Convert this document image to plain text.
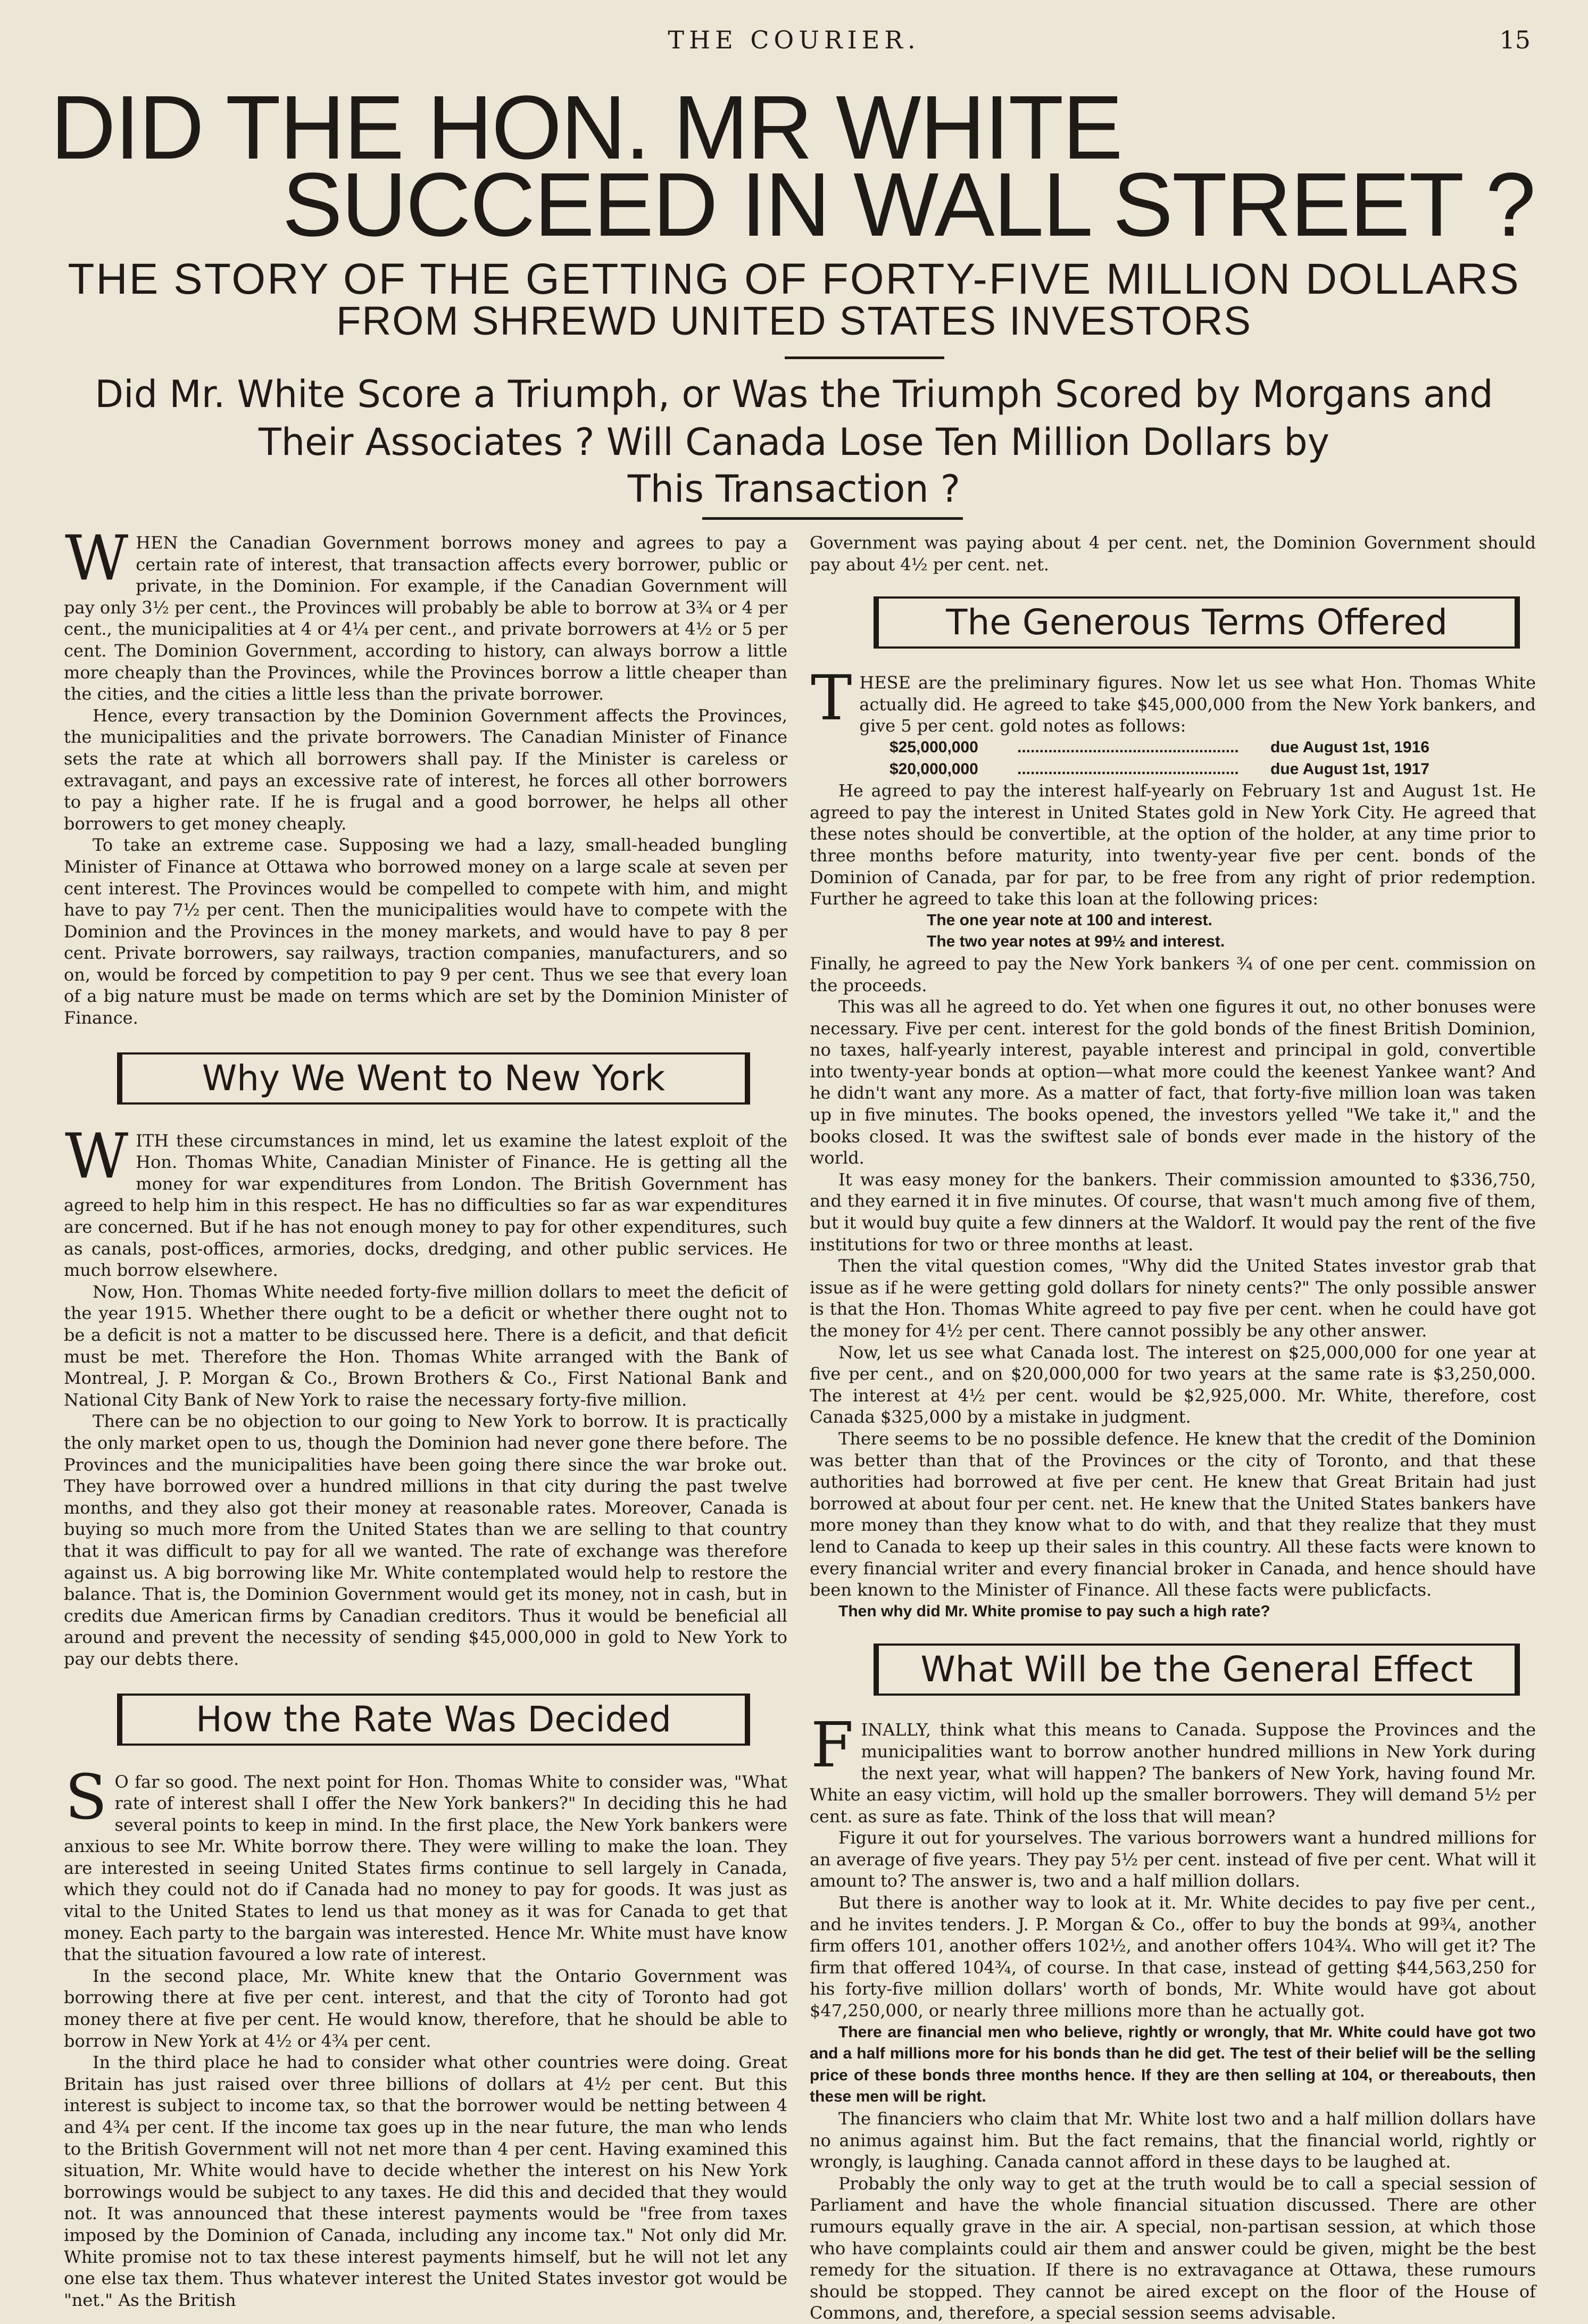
THE COURIER.	15
DID THE HON. MR WHITE
SUCCEED IN WALL STREET ?
THE STORY OF THE GETTING OF FORTY-FIVE MILLION DOLLARS
FROM SHREWD UNITED STATES INVESTORS
Did Mr. White Score a Triumph, or Was the Triumph Scored by Morgans and
Their Associates ? Will Canada Lose Ten Million Dollars by
This Transaction ?

WHEN the Canadian Government borrows money and agrees to pay a certain rate of interest, that transaction affects every borrower, public or private, in the Dominion. For example, if the Canadian Government will pay only 3½ per cent., the Provinces will probably be able to borrow at 3¾ or 4 per cent., the municipalities at 4 or 4¼ per cent., and private borrowers at 4½ or 5 per cent. The Dominion Government, according to history, can always borrow a little more cheaply than the Provinces, while the Provinces borrow a little cheaper than the cities, and the cities a little less than the private borrower.

Hence, every transaction by the Dominion Government affects the Provinces, the municipalities and the private borrowers. The Canadian Minister of Finance sets the rate at which all borrowers shall pay. If the Minister is careless or extravagant, and pays an excessive rate of interest, he forces all other borrowers to pay a higher rate. If he is frugal and a good borrower, he helps all other borrowers to get money cheaply.

To take an extreme case. Supposing we had a lazy, small-headed bungling Minister of Finance at Ottawa who borrowed money on a large scale at seven per cent interest. The Provinces would be compelled to compete with him, and might have to pay 7½ per cent. Then the municipalities would have to compete with the Dominion and the Provinces in the money markets, and would have to pay 8 per cent. Private borrowers, say railways, traction companies, manufacturers, and so on, would be forced by competition to pay 9 per cent. Thus we see that every loan of a big nature must be made on terms which are set by the Dominion Minister of Finance.

Why We Went to New York

WITH these circumstances in mind, let us examine the latest exploit of the Hon. Thomas White, Canadian Minister of Finance. He is getting all the money for war expenditures from London. The British Government has agreed to help him in this respect. He has no difficulties so far as war expenditures are concerned. But if he has not enough money to pay for other expenditures, such as canals, post-offices, armories, docks, dredging, and other public services. He much borrow elsewhere.

Now, Hon. Thomas White needed forty-five million dollars to meet the deficit of the year 1915. Whether there ought to be a deficit or whether there ought not to be a deficit is not a matter to be discussed here. There is a deficit, and that deficit must be met. Therefore the Hon. Thomas White arranged with the Bank of Montreal, J. P. Morgan & Co., Brown Brothers & Co., First National Bank and National City Bank of New York to raise the necessary forty-five million.

There can be no objection to our going to New York to borrow. It is practically the only market open to us, though the Dominion had never gone there before. The Provinces and the municipalities have been going there since the war broke out. They have borrowed over a hundred millions in that city during the past twelve months, and they also got their money at reasonable rates. Moreover, Canada is buying so much more from the United States than we are selling to that country that it was difficult to pay for all we wanted. The rate of exchange was therefore against us. A big borrowing like Mr. White contemplated would help to restore the balance. That is, the Dominion Government would get its money, not in cash, but in credits due American firms by Canadian creditors. Thus it would be beneficial all around and prevent the necessity of sending $45,000,000 in gold to New York to pay our debts there.

How the Rate Was Decided

S O far so good. The next point for Hon. Thomas White to consider was, "What rate of interest shall I offer the New York bankers?" In deciding this he had several points to keep in mind. In the first place, the New York bankers were anxious to see Mr. White borrow there. They were willing to make the loan. They are interested in seeing United States firms continue to sell largely in Canada, which they could not do if Canada had no money to pay for goods. It was just as vital to the United States to lend us that money as it was for Canada to get that money. Each party to the bargain was interested. Hence Mr. White must have know that the situation favoured a low rate of interest.

In the second place, Mr. White knew that the Ontario Government was borrowing there at five per cent. interest, and that the city of Toronto had got money there at five per cent. He would know, therefore, that he should be able to borrow in New York at 4½ or 4¾ per cent.

In the third place he had to consider what other countries were doing. Great Britain has just raised over three billions of dollars at 4½ per cent. But this interest is subject to income tax, so that the borrower would be netting between 4 and 4¾ per cent. If the income tax goes up in the near future, the man who lends to the British Government will not net more than 4 per cent. Having examined this situation, Mr. White would have to decide whether the interest on his New York borrowings would be subject to any taxes. He did this and decided that they would not. It was announced that these interest payments would be "free from taxes imposed by the Dominion of Canada, including any income tax." Not only did Mr. White promise not to tax these interest payments himself, but he will not let any one else tax them. Thus whatever interest the United States investor got would be "net." As the British

Government was paying about 4 per cent. net, the Dominion Government should pay about 4½ per cent. net.

The Generous Terms Offered

THESE are the preliminary figures. Now let us see what Hon. Thomas White actually did. He agreed to take $45,000,000 from the New York bankers, and give 5 per cent. gold notes as follows:

$25,000,000	..................................................	due August 1st, 1916
$20,000,000	..................................................	due August 1st, 1917

He agreed to pay the interest half-yearly on February 1st and August 1st. He agreed to pay the interest in United States gold in New York City. He agreed that these notes should be convertible, at the option of the holder, at any time prior to three months before maturity, into twenty-year five per cent. bonds of the Dominion of Canada, par for par, to be free from any right of prior redemption. Further he agreed to take this loan at the following prices:

The one year note at 100 and interest.
The two year notes at 99½ and interest.

Finally, he agreed to pay the New York bankers ¾ of one per cent. commission on the proceeds.

This was all he agreed to do. Yet when one figures it out, no other bonuses were necessary. Five per cent. interest for the gold bonds of the finest British Dominion, no taxes, half-yearly interest, payable interest and principal in gold, convertible into twenty-year bonds at option—what more could the keenest Yankee want? And he didn't want any more. As a matter of fact, that forty-five million loan was taken up in five minutes. The books opened, the investors yelled "We take it," and the books closed. It was the swiftest sale of bonds ever made in the history of the world.

It was easy money for the bankers. Their commission amounted to $336,750, and they earned it in five minutes. Of course, that wasn't much among five of them, but it would buy quite a few dinners at the Waldorf. It would pay the rent of the five institutions for two or three months at least.

Then the vital question comes, "Why did the United States investor grab that issue as if he were getting gold dollars for ninety cents?" The only possible answer is that the Hon. Thomas White agreed to pay five per cent. when he could have got the money for 4½ per cent. There cannot possibly be any other answer.

Now, let us see what Canada lost. The interest on $25,000,000 for one year at five per cent., and on $20,000,000 for two years at the same rate is $3,250,000. The interest at 4½ per cent. would be $2,925,000. Mr. White, therefore, cost Canada $325,000 by a mistake in judgment.

There seems to be no possible defence. He knew that the credit of the Dominion was better than that of the Provinces or the city of Toronto, and that these authorities had borrowed at five per cent. He knew that Great Britain had just borrowed at about four per cent. net. He knew that the United States bankers have more money than they know what to do with, and that they realize that they must lend to Canada to keep up their sales in this country. All these facts were known to every financial writer and every financial broker in Canada, and hence should have been known to the Minister of Finance. All these facts were publicfacts.

Then why did Mr. White promise to pay such a high rate?

What Will be the General Effect

FINALLY, think what this means to Canada. Suppose the Provinces and the municipalities want to borrow another hundred millions in New York during the next year, what will happen? The bankers of New York, having found Mr. White an easy victim, will hold up the smaller borrowers. They will demand 5½ per cent. as sure as fate. Think of the loss that will mean?

Figure it out for yourselves. The various borrowers want a hundred millions for an average of five years. They pay 5½ per cent. instead of five per cent. What will it amount to? The answer is, two and a half million dollars.

But there is another way to look at it. Mr. White decides to pay five per cent., and he invites tenders. J. P. Morgan & Co., offer to buy the bonds at 99¾, another firm offers 101, another offers 102½, and another offers 104¾. Who will get it? The firm that offered 104¾, of course. In that case, instead of getting $44,563,250 for his forty-five million dollars' worth of bonds, Mr. White would have got about $47,250,000, or nearly three millions more than he actually got.

There are financial men who believe, rightly or wrongly, that Mr. White could have got two and a half millions more for his bonds than he did get. The test of their belief will be the selling price of these bonds three months hence. If they are then selling at 104, or thereabouts, then these men will be right.

The financiers who claim that Mr. White lost two and a half million dollars have no animus against him. But the fact remains, that the financial world, rightly or wrongly, is laughing. Canada cannot afford in these days to be laughed at.

Probably the only way to get at the truth would be to call a special session of Parliament and have the whole financial situation discussed. There are other rumours equally grave in the air. A special, non-partisan session, at which those who have complaints could air them and answer could be given, might be the best remedy for the situation. If there is no extravagance at Ottawa, these rumours should be stopped. They cannot be aired except on the floor of the House of Commons, and, therefore, a special session seems advisable.
